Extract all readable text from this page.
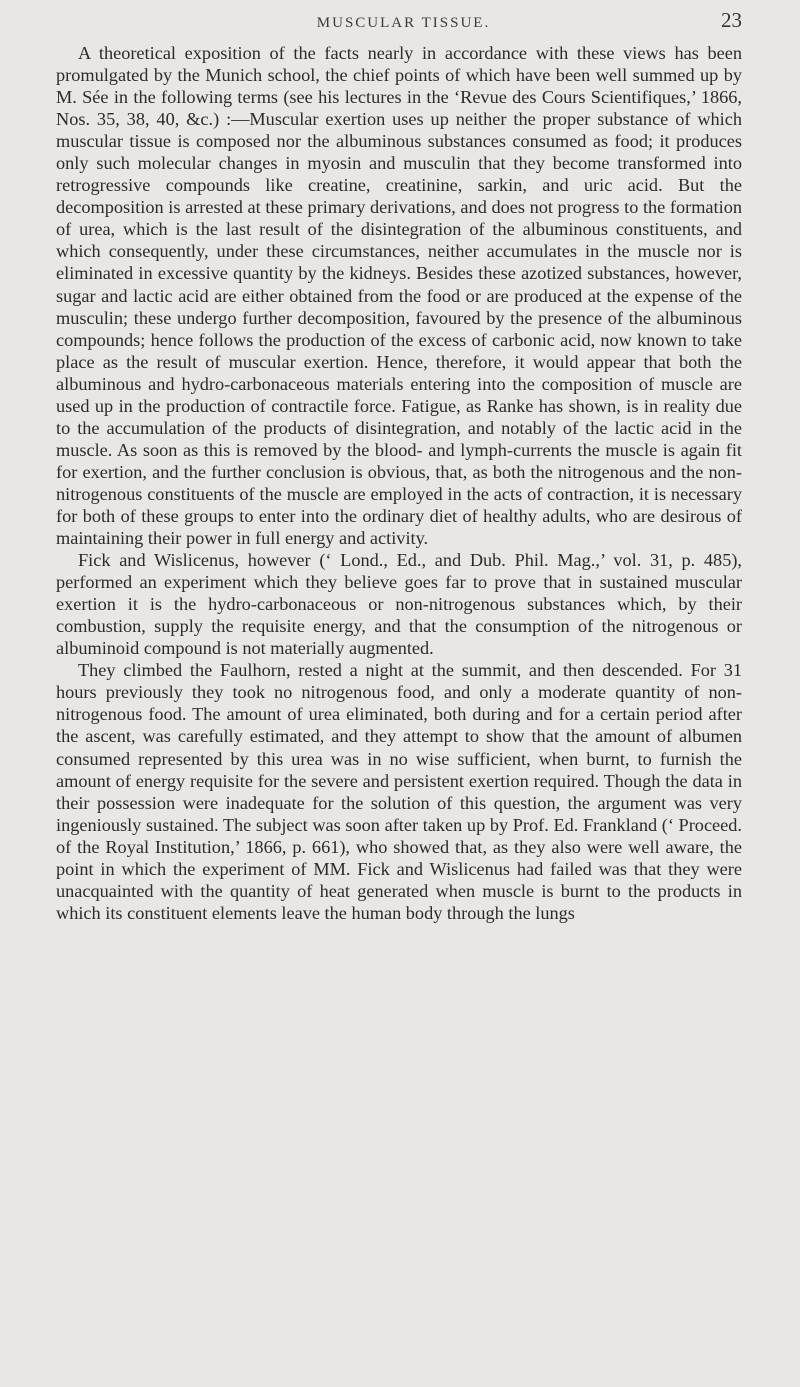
MUSCULAR TISSUE.	23

A theoretical exposition of the facts nearly in accordance with these views has been promulgated by the Munich school, the chief points of which have been well summed up by M. Sée in the following terms (see his lectures in the ‘Revue des Cours Scientifiques,’ 1866, Nos. 35, 38, 40, &c.) :—Muscular exertion uses up neither the proper substance of which muscular tissue is composed nor the albuminous substances consumed as food; it produces only such molecular changes in myosin and musculin that they become transformed into retrogressive compounds like creatine, creatinine, sarkin, and uric acid. But the decomposition is arrested at these primary derivations, and does not progress to the formation of urea, which is the last result of the disintegration of the albuminous constituents, and which consequently, under these circumstances, neither accumulates in the muscle nor is eliminated in excessive quantity by the kidneys. Besides these azotized substances, however, sugar and lactic acid are either obtained from the food or are produced at the expense of the musculin; these undergo further decomposition, favoured by the presence of the albuminous compounds; hence follows the production of the excess of carbonic acid, now known to take place as the result of muscular exertion. Hence, therefore, it would appear that both the albuminous and hydro-carbonaceous materials entering into the composition of muscle are used up in the production of contractile force. Fatigue, as Ranke has shown, is in reality due to the accumulation of the products of disintegration, and notably of the lactic acid in the muscle. As soon as this is removed by the blood- and lymph-currents the muscle is again fit for exertion, and the further conclusion is obvious, that, as both the nitrogenous and the non-nitrogenous constituents of the muscle are employed in the acts of contraction, it is necessary for both of these groups to enter into the ordinary diet of healthy adults, who are desirous of maintaining their power in full energy and activity.

Fick and Wislicenus, however (‘ Lond., Ed., and Dub. Phil. Mag.,’ vol. 31, p. 485), performed an experiment which they believe goes far to prove that in sustained muscular exertion it is the hydro-carbonaceous or non-nitrogenous substances which, by their combustion, supply the requisite energy, and that the consumption of the nitrogenous or albuminoid compound is not materially augmented.

They climbed the Faulhorn, rested a night at the summit, and then descended. For 31 hours previously they took no nitrogenous food, and only a moderate quantity of non-nitrogenous food. The amount of urea eliminated, both during and for a certain period after the ascent, was carefully estimated, and they attempt to show that the amount of albumen consumed represented by this urea was in no wise sufficient, when burnt, to furnish the amount of energy requisite for the severe and persistent exertion required. Though the data in their possession were inadequate for the solution of this question, the argument was very ingeniously sustained. The subject was soon after taken up by Prof. Ed. Frankland (‘ Proceed. of the Royal Institution,’ 1866, p. 661), who showed that, as they also were well aware, the point in which the experiment of MM. Fick and Wislicenus had failed was that they were unacquainted with the quantity of heat generated when muscle is burnt to the products in which its constituent elements leave the human body through the lungs
